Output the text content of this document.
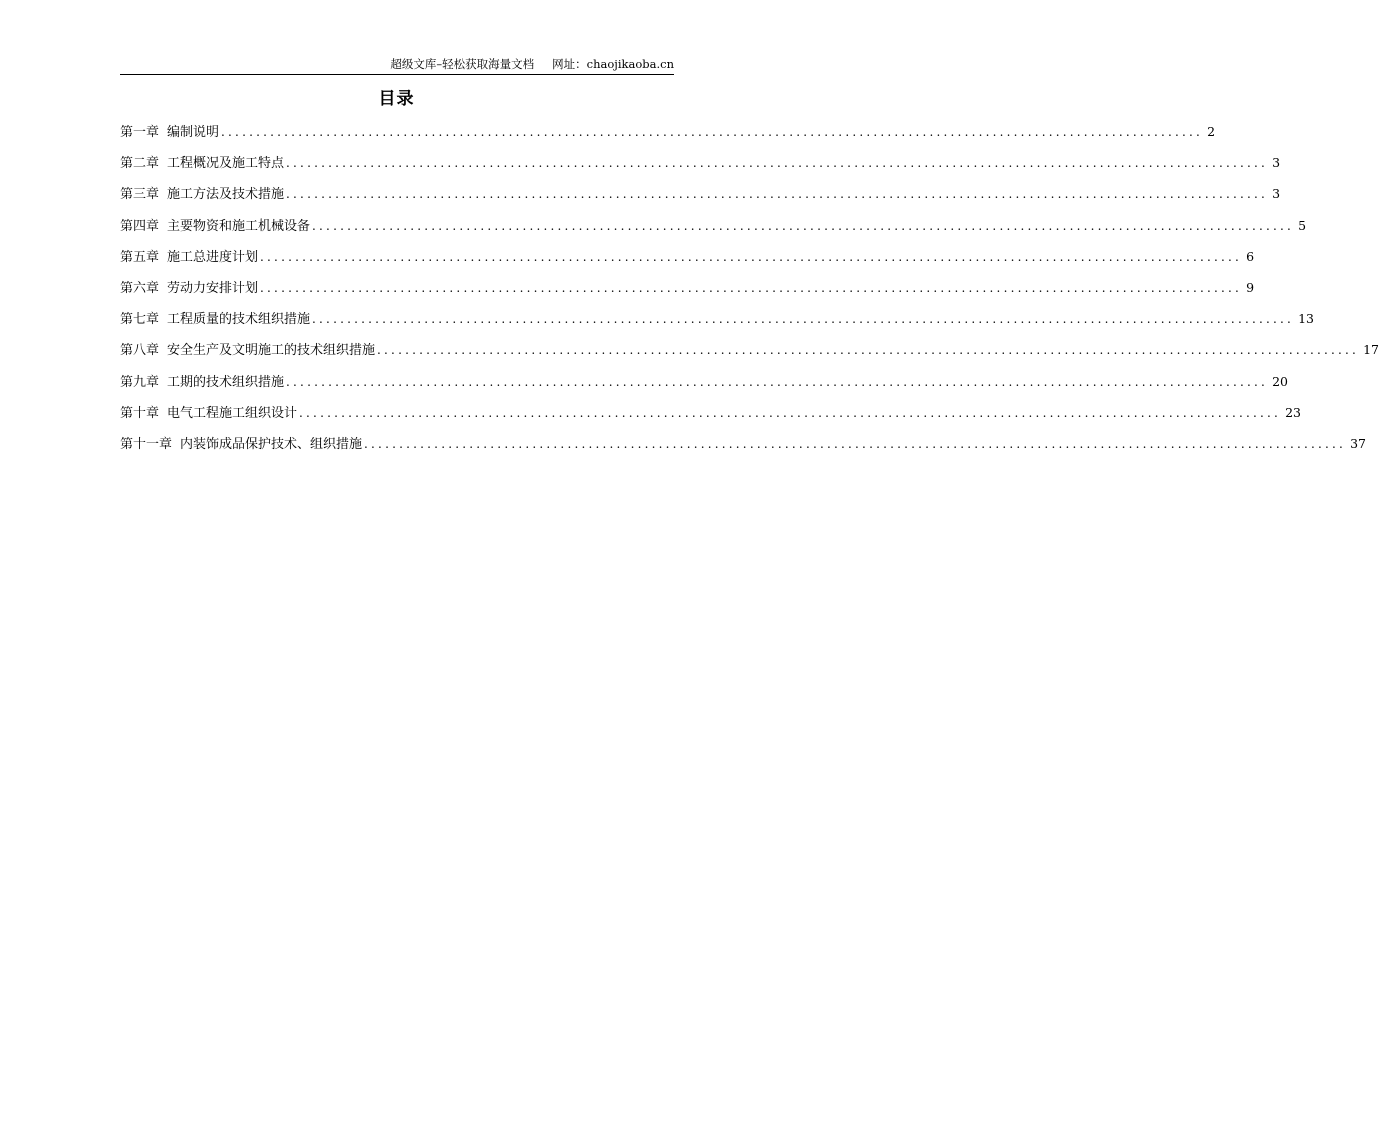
超级文库–轻松获取海量文档 网址：chaojikaoba.cn
目录
第一章 编制说明 ............................................................................................................................................ 2
第二章 工程概况及施工特点 ............................................................................................................................................ 3
第三章 施工方法及技术措施 ............................................................................................................................................ 3
第四章 主要物资和施工机械设备 ............................................................................................................................................ 5
第五章 施工总进度计划 ............................................................................................................................................ 6
第六章 劳动力安排计划 ............................................................................................................................................ 9
第七章 工程质量的技术组织措施 ............................................................................................................................................ 13
第八章 安全生产及文明施工的技术组织措施 ............................................................................................................................................ 17
第九章 工期的技术组织措施 ............................................................................................................................................ 20
第十章 电气工程施工组织设计 ............................................................................................................................................ 23
第十一章 内装饰成品保护技术、组织措施 ............................................................................................................................................ 37
